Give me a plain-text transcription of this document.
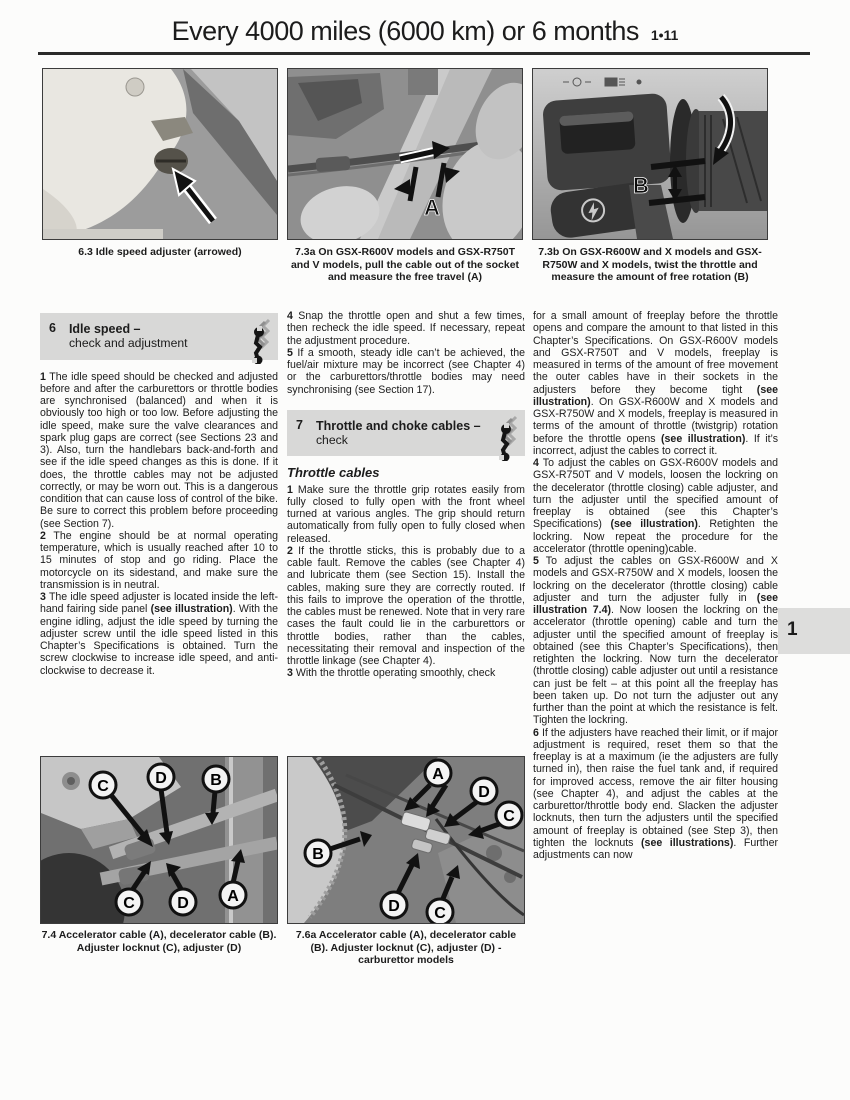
Every 4000 miles (6000 km) or 6 months 1•11
A
B
6.3 Idle speed adjuster (arrowed)	7.3a On GSX-R600V models and GSX-R750T and V models, pull the cable out of the socket and measure the free travel (A)
7.3b On GSX-R600W and X models and GSX-R750W and X models, twist the throttle and measure the amount of free rotation (B)
6 Idle speed –
check and adjustment

1 The idle speed should be checked and adjusted before and after the carburettors or throttle bodies are synchronised (balanced) and when it is obviously too high or too low. Before adjusting the idle speed, make sure the valve clearances and spark plug gaps are correct (see Sections 23 and 3). Also, turn the handlebars back-and-forth and see if the idle speed changes as this is done. If it does, the throttle cables may not be adjusted correctly, or may be worn out. This is a dangerous condition that can cause loss of control of the bike. Be sure to correct this problem before proceeding (see Section 7).

2 The engine should be at normal operating temperature, which is usually reached after 10 to 15 minutes of stop and go riding. Place the motorcycle on its sidestand, and make sure the transmission is in neutral.

3 The idle speed adjuster is located inside the left-hand fairing side panel (see illustration). With the engine idling, adjust the idle speed by turning the adjuster screw until the idle speed listed in this Chapter’s Specifications is obtained. Turn the screw clockwise to increase idle speed, and anti-clockwise to decrease it.

4 Snap the throttle open and shut a few times, then recheck the idle speed. If necessary, repeat the adjustment procedure.

5 If a smooth, steady idle can’t be achieved, the fuel/air mixture may be incorrect (see Chapter 4) or the carburettors/throttle bodies may need synchronising (see Section 17).

7 Throttle and choke cables –
check

Throttle cables

1 Make sure the throttle grip rotates easily from fully closed to fully open with the front wheel turned at various angles. The grip should return automatically from fully open to fully closed when released.

2 If the throttle sticks, this is probably due to a cable fault. Remove the cables (see Chapter 4) and lubricate them (see Section 15). Install the cables, making sure they are correctly routed. If this fails to improve the operation of the throttle, the cables must be renewed. Note that in very rare cases the fault could lie in the carburettors or throttle bodies, rather than the cables, necessitating their removal and inspection of the throttle linkage (see Chapter 4).

3 With the throttle operating smoothly, check

for a small amount of freeplay before the throttle opens and compare the amount to that listed in this Chapter’s Specifications. On GSX-R600V models and GSX-R750T and V models, freeplay is measured in terms of the amount of free movement the outer cables have in their sockets in the adjusters before they become tight (see illustration). On GSX-R600W and X models and GSX-R750W and X models, freeplay is measured in terms of the amount of throttle (twistgrip) rotation before the throttle opens (see illustration). If it’s incorrect, adjust the cables to correct it.

4 To adjust the cables on GSX-R600V models and GSX-R750T and V models, loosen the lockring on the decelerator (throttle closing) cable adjuster, and turn the adjuster until the specified amount of freeplay is obtained (see this Chapter’s Specifications) (see illustration). Retighten the lockring. Now repeat the procedure for the accelerator (throttle opening)cable.

5 To adjust the cables on GSX-R600W and X models and GSX-R750W and X models, loosen the lockring on the decelerator (throttle closing) cable adjuster and turn the adjuster fully in (see illustration 7.4). Now loosen the lockring on the accelerator (throttle opening) cable and turn the adjuster until the specified amount of freeplay is obtained (see this Chapter’s Specifications), then retighten the lockring. Now turn the decelerator (throttle closing) cable adjuster out until a resistance can just be felt – at this point all the freeplay has been taken up. Do not turn the adjuster out any further than the point at which the resistance is felt. Tighten the lockring.

6 If the adjusters have reached their limit, or if major adjustment is required, reset them so that the freeplay is at a maximum (ie the adjusters are fully turned in), then raise the fuel tank and, if required for improved access, remove the air filter housing (see Chapter 4), and adjust the cables at the carburettor/throttle body end. Slacken the adjuster locknuts, then turn the adjusters until the specified amount of freeplay is obtained (see Step 3), then tighten the locknuts (see illustrations). Further adjustments can now

1
C	D	B
C	D A
A
D
C
B
D C
7.4 Accelerator cable (A), decelerator cable (B). Adjuster locknut (C), adjuster (D)
7.6a Accelerator cable (A), decelerator cable (B). Adjuster locknut (C), adjuster (D) - carburettor models
